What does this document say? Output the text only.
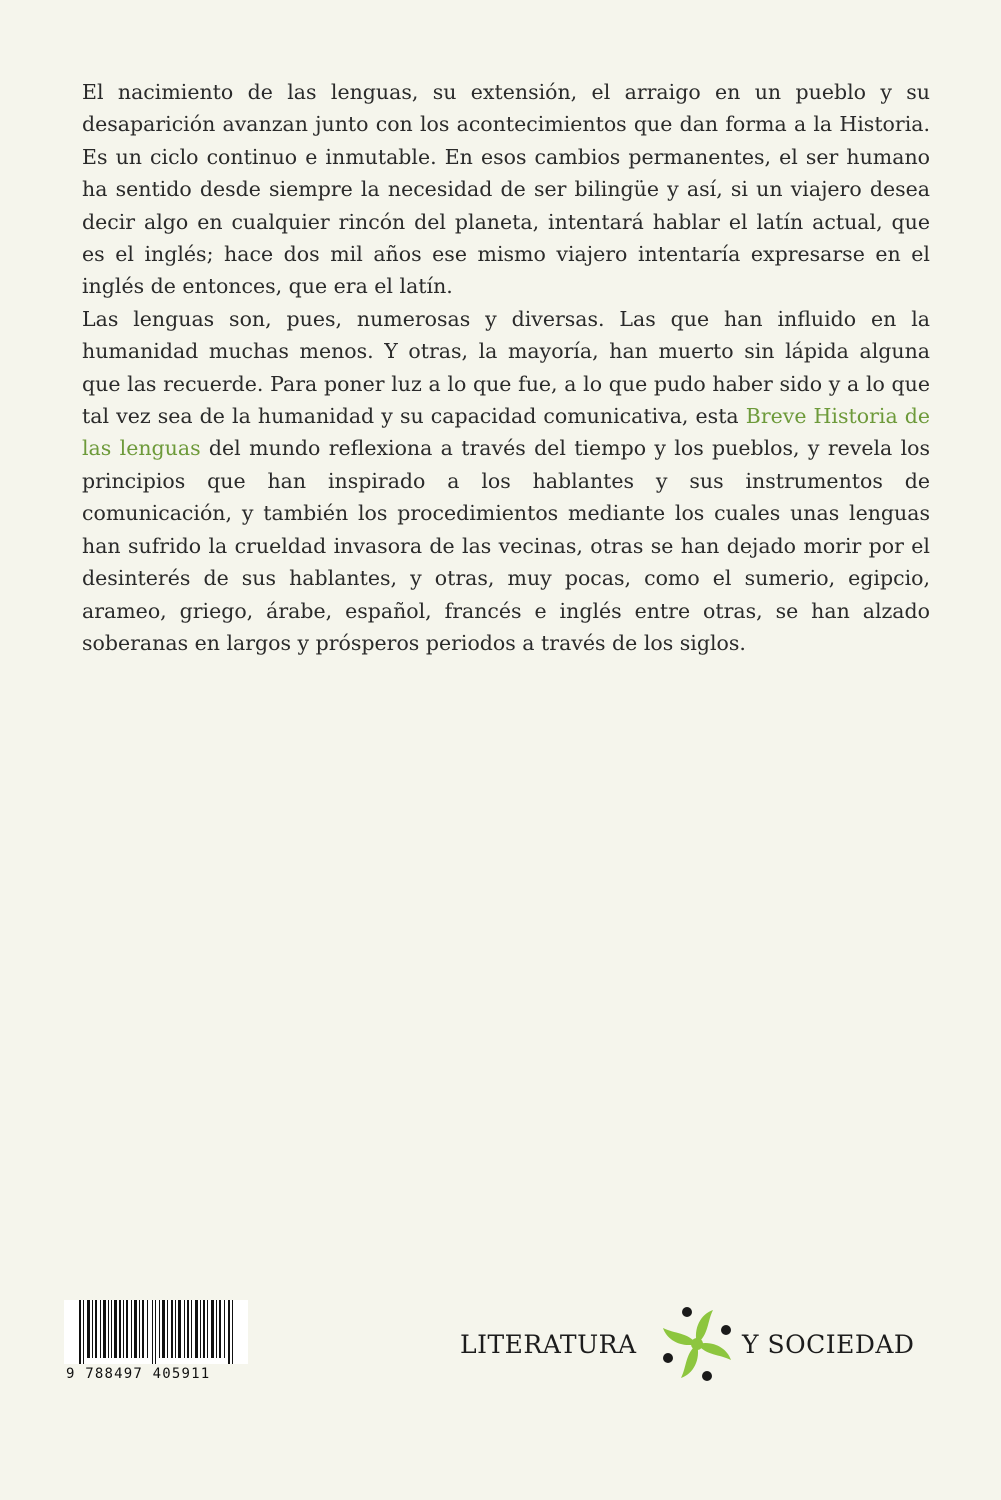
El nacimiento de las lenguas, su extensión, el arraigo en un pueblo y su desaparición avanzan junto con los acontecimientos que dan forma a la Historia. Es un ciclo continuo e inmutable. En esos cambios permanentes, el ser humano ha sentido desde siempre la necesidad de ser bilingüe y así, si un viajero desea decir algo en cualquier rincón del planeta, intentará hablar el latín actual, que es el inglés; hace dos mil años ese mismo viajero intentaría expresarse en el inglés de entonces, que era el latín.

Las lenguas son, pues, numerosas y diversas. Las que han influido en la humanidad muchas menos. Y otras, la mayoría, han muerto sin lápida alguna que las recuerde. Para poner luz a lo que fue, a lo que pudo haber sido y a lo que tal vez sea de la humanidad y su capacidad comunicativa, esta Breve Historia de las lenguas del mundo reflexiona a través del tiempo y los pueblos, y revela los principios que han inspirado a los hablantes y sus instrumentos de comunicación, y también los procedimientos mediante los cuales unas lenguas han sufrido la crueldad invasora de las vecinas, otras se han dejado morir por el desinterés de sus hablantes, y otras, muy pocas, como el sumerio, egipcio, arameo, griego, árabe, español, francés e inglés entre otras, se han alzado soberanas en largos y prósperos periodos a través de los siglos.

9 788497 405911
LITERATURA	Y SOCIEDAD
